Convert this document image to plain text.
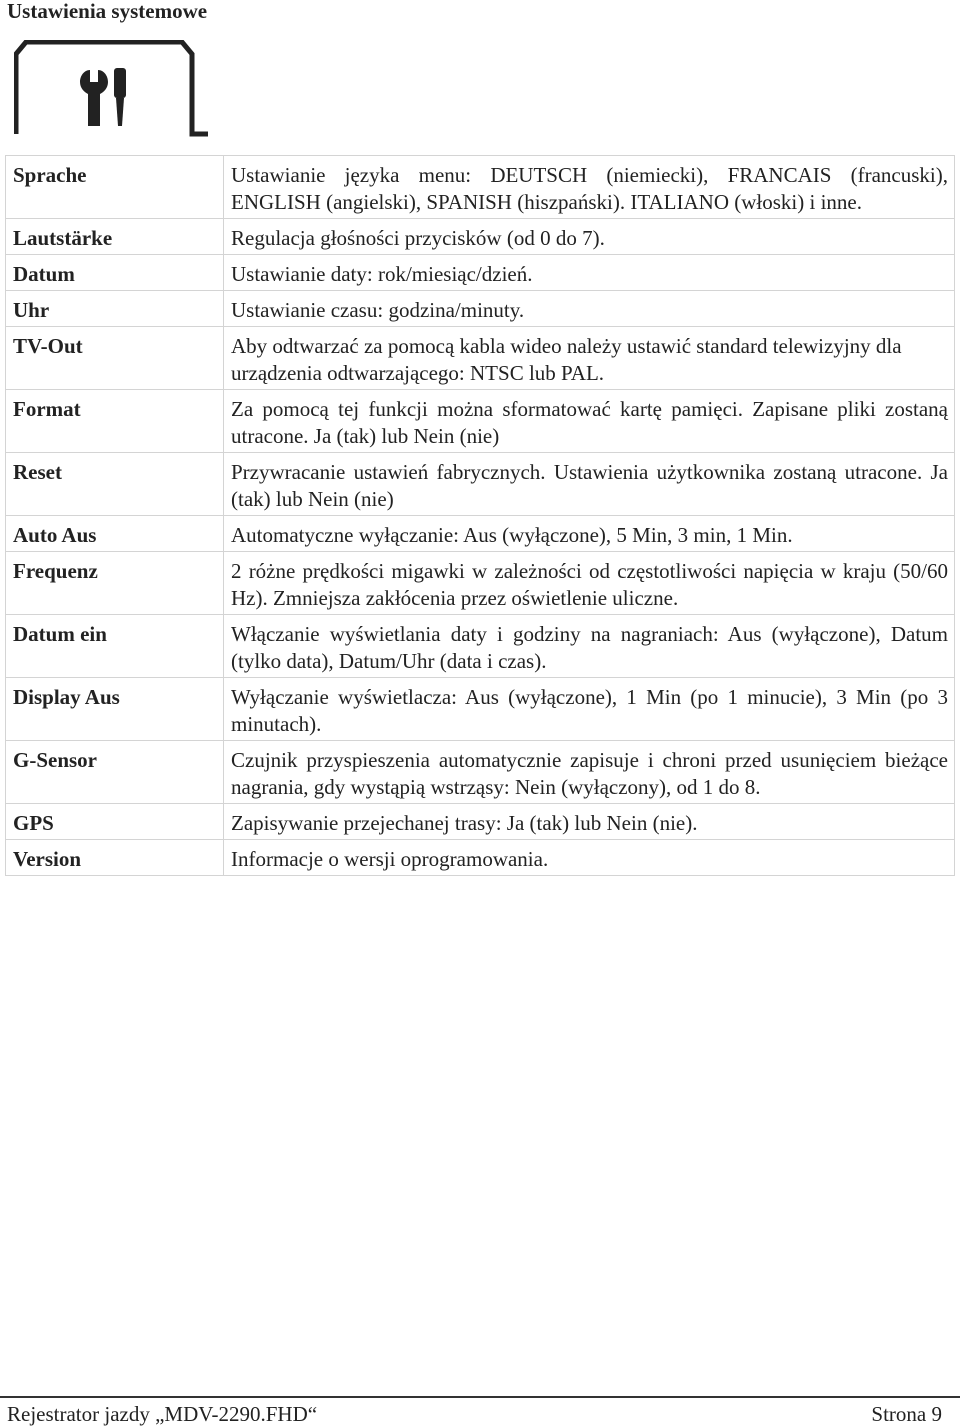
Ustawienia systemowe
Sprache	Ustawianie języka menu: DEUTSCH (niemiecki), FRANCAIS (francuski), ENGLISH (angielski), SPANISH (hiszpański). ITALIANO (włoski) i inne.
Lautstärke	Regulacja głośności przycisków (od 0 do 7).
Datum	Ustawianie daty: rok/miesiąc/dzień.
Uhr	Ustawianie czasu: godzina/minuty.
TV-Out	Aby odtwarzać za pomocą kabla wideo należy ustawić standard telewizyjny dla urządzenia odtwarzającego: NTSC lub PAL.
Format	Za pomocą tej funkcji można sformatować kartę pamięci. Zapisane pliki zostaną utracone. Ja (tak) lub Nein (nie)
Reset	Przywracanie ustawień fabrycznych. Ustawienia użytkownika zostaną utracone. Ja (tak) lub Nein (nie)
Auto Aus	Automatyczne wyłączanie: Aus (wyłączone), 5 Min, 3 min, 1 Min.
Frequenz	2 różne prędkości migawki w zależności od częstotliwości napięcia w kraju (50/60 Hz). Zmniejsza zakłócenia przez oświetlenie uliczne.
Datum ein	Włączanie wyświetlania daty i godziny na nagraniach: Aus (wyłączone), Datum (tylko data), Datum/Uhr (data i czas).
Display Aus	Wyłączanie wyświetlacza: Aus (wyłączone), 1 Min (po 1 minucie), 3 Min (po 3 minutach).
G-Sensor	Czujnik przyspieszenia automatycznie zapisuje i chroni przed usunięciem bieżące nagrania, gdy wystąpią wstrząsy: Nein (wyłączony), od 1 do 8.
GPS	Zapisywanie przejechanej trasy: Ja (tak) lub Nein (nie).
Version	Informacje o wersji oprogramowania.
Rejestrator jazdy „MDV-2290.FHD“	Strona 9
